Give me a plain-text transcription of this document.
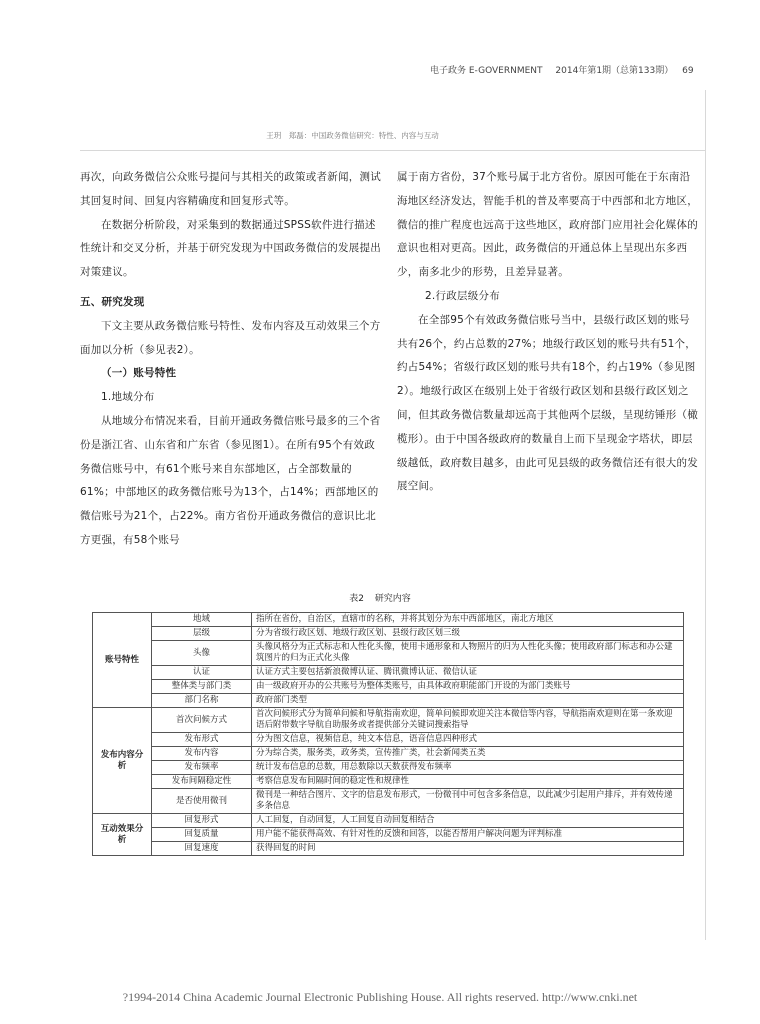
电子政务 E-GOVERNMENT 2014年第1期（总第133期） 69
王玥　郑磊：中国政务微信研究：特性、内容与互动

再次，向政务微信公众账号提问与其相关的政策或者新闻，测试其回复时间、回复内容精确度和回复形式等。

在数据分析阶段，对采集到的数据通过SPSS软件进行描述性统计和交叉分析，并基于研究发现为中国政务微信的发展提出对策建议。

五、研究发现

下文主要从政务微信账号特性、发布内容及互动效果三个方面加以分析（参见表2）。

（一）账号特性

1.地域分布

从地域分布情况来看，目前开通政务微信账号最多的三个省份是浙江省、山东省和广东省（参见图1）。在所有95个有效政务微信账号中，有61个账号来自东部地区，占全部数量的61%；中部地区的政务微信账号为13个，占14%；西部地区的微信账号为21个，占22%。南方省份开通政务微信的意识比北方更强，有58个账号

属于南方省份，37个账号属于北方省份。原因可能在于东南沿海地区经济发达，智能手机的普及率要高于中西部和北方地区，微信的推广程度也远高于这些地区，政府部门应用社会化媒体的意识也相对更高。因此，政务微信的开通总体上呈现出东多西少，南多北少的形势，且差异显著。

2.行政层级分布

在全部95个有效政务微信账号当中，县级行政区划的账号共有26个，约占总数的27%；地级行政区划的账号共有51个，约占54%；省级行政区划的账号共有18个，约占19%（参见图2）。地级行政区在级别上处于省级行政区划和县级行政区划之间，但其政务微信数量却远高于其他两个层级，呈现纺锤形（橄榄形）。由于中国各级政府的数量自上而下呈现金字塔状，即层级越低，政府数目越多，由此可见县级的政务微信还有很大的发展空间。

表2 研究内容
账号特性	地域	指所在省份，自治区，直辖市的名称，并将其划分为东中西部地区，南北方地区
	层级	分为省级行政区划、地级行政区划、县级行政区划三级
	头像	头像风格分为正式标志和人性化头像，使用卡通形象和人物照片的归为人性化头像；使用政府部门标志和办公建筑图片的归为正式化头像
	认证	认证方式主要包括新浪微博认证、腾讯微博认证、微信认证
	整体类与部门类	由一级政府开办的公共账号为整体类账号，由具体政府职能部门开设的为部门类账号
	部门名称	政府部门类型
发布内容分析	首次问候方式	首次问候形式分为简单问候和导航指南欢迎，简单问候即欢迎关注本微信等内容，导航指南欢迎则在第一条欢迎语后附带数字导航自助服务或者提供部分关键词搜索指导
	发布形式	分为图文信息，视频信息，纯文本信息，语音信息四种形式
	发布内容	分为综合类，服务类，政务类，宣传推广类，社会新闻类五类
	发布频率	统计发布信息的总数，用总数除以天数获得发布频率
	发布间隔稳定性	考察信息发布间隔时间的稳定性和规律性
	是否使用微刊	微刊是一种结合图片、文字的信息发布形式，一份微刊中可包含多条信息，以此减少引起用户排斥，并有效传递多条信息
互动效果分析	回复形式	人工回复，自动回复，人工回复自动回复相结合
	回复质量	用户能不能获得高效、有针对性的反馈和回答，以能否帮用户解决问题为评判标准
	回复速度	获得回复的时间
?1994-2014 China Academic Journal Electronic Publishing House. All rights reserved. http://www.cnki.net
